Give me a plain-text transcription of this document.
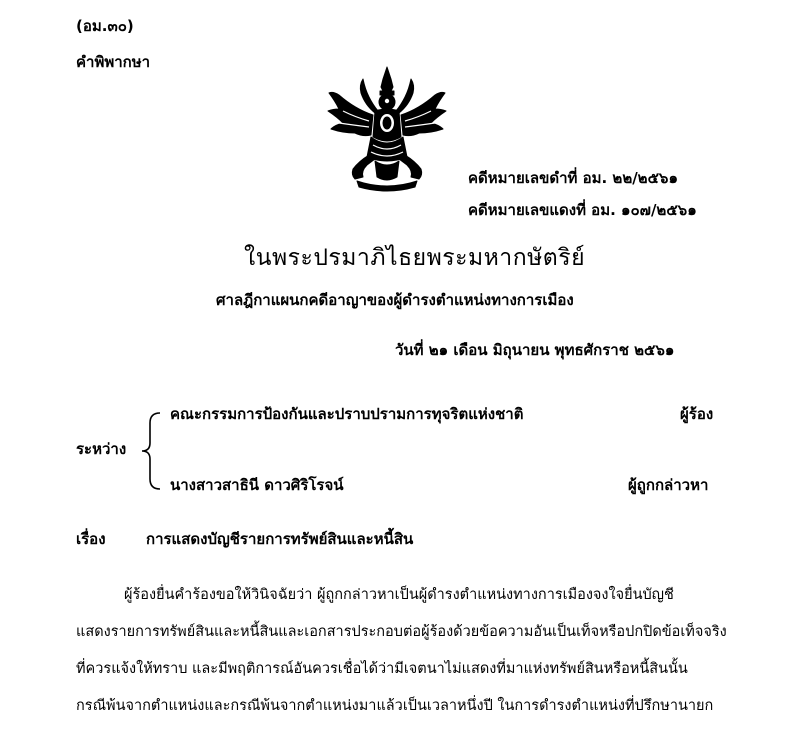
(อม.๓๐)
คำพิพากษา
คดีหมายเลขดำที่ อม. ๒๒/๒๕๖๑
คดีหมายเลขแดงที่ อม. ๑๐๗/๒๕๖๑
ในพระปรมาภิไธยพระมหากษัตริย์
ศาลฎีกาแผนกคดีอาญาของผู้ดำรงตำแหน่งทางการเมือง
วันที่ ๒๑ เดือน มิถุนายน พุทธศักราช ๒๕๖๑
ระหว่าง
คณะกรรมการป้องกันและปราบปรามการทุจริตแห่งชาติ	ผู้ร้อง
นางสาวสาธินี ดาวศิริโรจน์	ผู้ถูกกล่าวหา
เรื่อง	การแสดงบัญชีรายการทรัพย์สินและหนี้สิน
ผู้ร้องยื่นคำร้องขอให้วินิจฉัยว่า ผู้ถูกกล่าวหาเป็นผู้ดำรงตำแหน่งทางการเมืองจงใจยื่นบัญชี
แสดงรายการทรัพย์สินและหนี้สินและเอกสารประกอบต่อผู้ร้องด้วยข้อความอันเป็นเท็จหรือปกปิดข้อเท็จจริง
ที่ควรแจ้งให้ทราบ และมีพฤติการณ์อันควรเชื่อได้ว่ามีเจตนาไม่แสดงที่มาแห่งทรัพย์สินหรือหนี้สินนั้น
กรณีพ้นจากตำแหน่งและกรณีพ้นจากตำแหน่งมาแล้วเป็นเวลาหนึ่งปี ในการดำรงตำแหน่งที่ปรึกษานายก
